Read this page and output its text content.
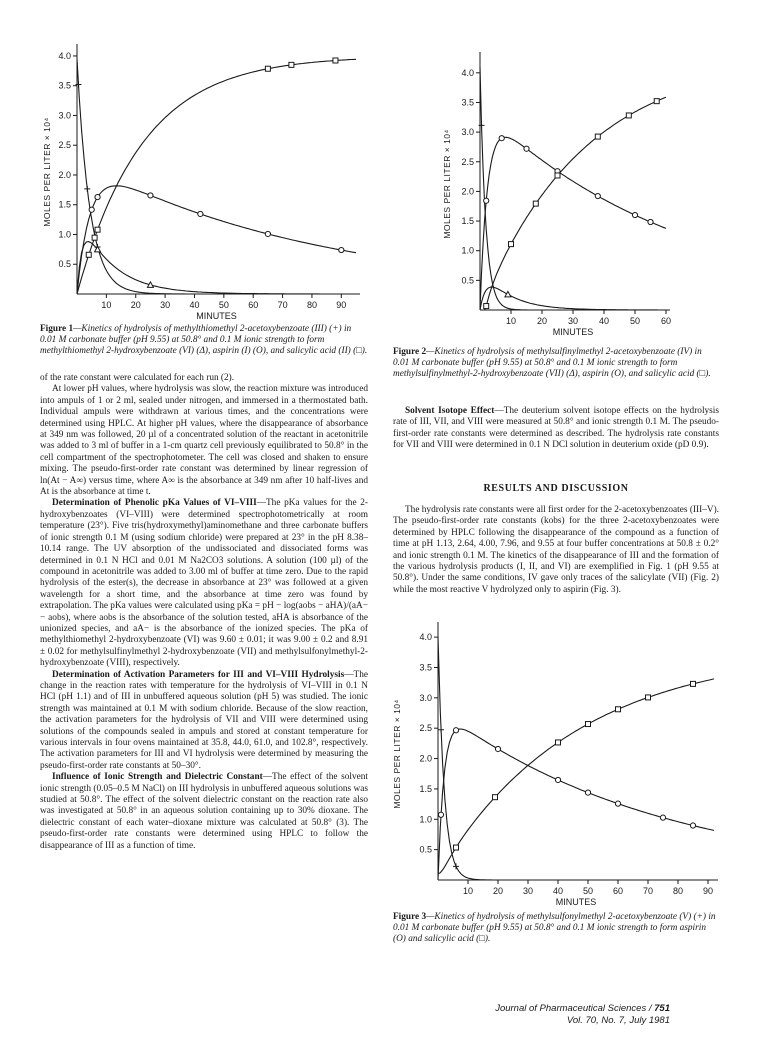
0.5
1.0
1.5
2.0
2.5
3.0
3.5
4.0
10 20 30 40 50 60 70 80 90
MINUTES
MOLES PER LITER × 10⁴
Figure 1—Kinetics of hydrolysis of methylthiomethyl 2-acetoxybenzoate (III) (+) in 0.01 M carbonate buffer (pH 9.55) at 50.8° and 0.1 M ionic strength to form methylthiomethyl 2-hydroxybenzoate (VI) (Δ), aspirin (I) (O), and salicylic acid (II) (□).
0.5
1.0
1.5
2.0
2.5
3.0
3.5
4.0
10 20 30 40 50 60
MINUTES
MOLES PER LITER × 10⁴
Figure 2—Kinetics of hydrolysis of methylsulfinylmethyl 2-acetoxybenzoate (IV) in 0.01 M carbonate buffer (pH 9.55) at 50.8° and 0.1 M ionic strength to form methylsulfinylmethyl-2-hydroxybenzoate (VII) (Δ), aspirin (O), and salicylic acid (□).

of the rate constant were calculated for each run (2).

At lower pH values, where hydrolysis was slow, the reaction mixture was introduced into ampuls of 1 or 2 ml, sealed under nitrogen, and immersed in a thermostated bath. Individual ampuls were withdrawn at various times, and the concentrations were determined using HPLC. At higher pH values, where the disappearance of absorbance at 349 nm was followed, 20 µl of a concentrated solution of the reactant in acetonitrile was added to 3 ml of buffer in a 1-cm quartz cell previously equilibrated to 50.8° in the cell compartment of the spectrophotometer. The cell was closed and shaken to ensure mixing. The pseudo-first-order rate constant was determined by linear regression of ln(At − A∞) versus time, where A∞ is the absorbance at 349 nm after 10 half-lives and At is the absorbance at time t.

Determination of Phenolic pKa Values of VI–VIII—The pKa values for the 2-hydroxybenzoates (VI–VIII) were determined spectrophotometrically at room temperature (23°). Five tris(hydroxymethyl)aminomethane and three carbonate buffers of ionic strength 0.1 M (using sodium chloride) were prepared at 23° in the pH 8.38–10.14 range. The UV absorption of the undissociated and dissociated forms was determined in 0.1 N HCl and 0.01 M Na2CO3 solutions. A solution (100 µl) of the compound in acetonitrile was added to 3.00 ml of buffer at time zero. Due to the rapid hydrolysis of the ester(s), the decrease in absorbance at 23° was followed at a given wavelength for a short time, and the absorbance at time zero was found by extrapolation. The pKa values were calculated using pKa = pH − log(aobs − aHA)/(aA− − aobs), where aobs is the absorbance of the solution tested, aHA is absorbance of the unionized species, and aA− is the absorbance of the ionized species. The pKa of methylthiomethyl 2-hydroxybenzoate (VI) was 9.60 ± 0.01; it was 9.00 ± 0.2 and 8.91 ± 0.02 for methylsulfinylmethyl 2-hydroxybenzoate (VII) and methylsulfonylmethyl-2-hydroxybenzoate (VIII), respectively.

Determination of Activation Parameters for III and VI–VIII Hydrolysis—The change in the reaction rates with temperature for the hydrolysis of VI–VIII in 0.1 N HCl (pH 1.1) and of III in unbuffered aqueous solution (pH 5) was studied. The ionic strength was maintained at 0.1 M with sodium chloride. Because of the slow reaction, the activation parameters for the hydrolysis of VII and VIII were determined using solutions of the compounds sealed in ampuls and stored at constant temperature for various intervals in four ovens maintained at 35.8, 44.0, 61.0, and 102.8°, respectively. The activation parameters for III and VI hydrolysis were determined by measuring the pseudo-first-order rate constants at 50–30°.

Influence of Ionic Strength and Dielectric Constant—The effect of the solvent ionic strength (0.05–0.5 M NaCl) on III hydrolysis in unbuffered aqueous solutions was studied at 50.8°. The effect of the solvent dielectric constant on the reaction rate also was investigated at 50.8° in an aqueous solution containing up to 30% dioxane. The dielectric constant of each water–dioxane mixture was calculated at 50.8° (3). The pseudo-first-order rate constants were determined using HPLC to follow the disappearance of III as a function of time.

Solvent Isotope Effect—The deuterium solvent isotope effects on the hydrolysis rate of III, VII, and VIII were measured at 50.8° and ionic strength 0.1 M. The pseudo-first-order rate constants were determined as described. The hydrolysis rate constants for VII and VIII were determined in 0.1 N DCl solution in deuterium oxide (pD 0.9).

RESULTS AND DISCUSSION

The hydrolysis rate constants were all first order for the 2-acetoxybenzoates (III–V). The pseudo-first-order rate constants (kobs) for the three 2-acetoxybenzoates were determined by HPLC following the disappearance of the compound as a function of time at pH 1.13, 2.64, 4.00, 7.96, and 9.55 at four buffer concentrations at 50.8 ± 0.2° and ionic strength 0.1 M. The kinetics of the disappearance of III and the formation of the various hydrolysis products (I, II, and VI) are exemplified in Fig. 1 (pH 9.55 at 50.8°). Under the same conditions, IV gave only traces of the salicylate (VII) (Fig. 2) while the most reactive V hydrolyzed only to aspirin (Fig. 3).

0.5
1.0
1.5
2.0
2.5
3.0
3.5
4.0
10 20 30 40 50 60 70 80 90
MINUTES
MOLES PER LITER × 10⁴
Figure 3—Kinetics of hydrolysis of methylsulfonylmethyl 2-acetoxybenzoate (V) (+) in 0.01 M carbonate buffer (pH 9.55) at 50.8° and 0.1 M ionic strength to form aspirin (O) and salicylic acid (□).
Journal of Pharmaceutical Sciences / 751
Vol. 70, No. 7, July 1981
